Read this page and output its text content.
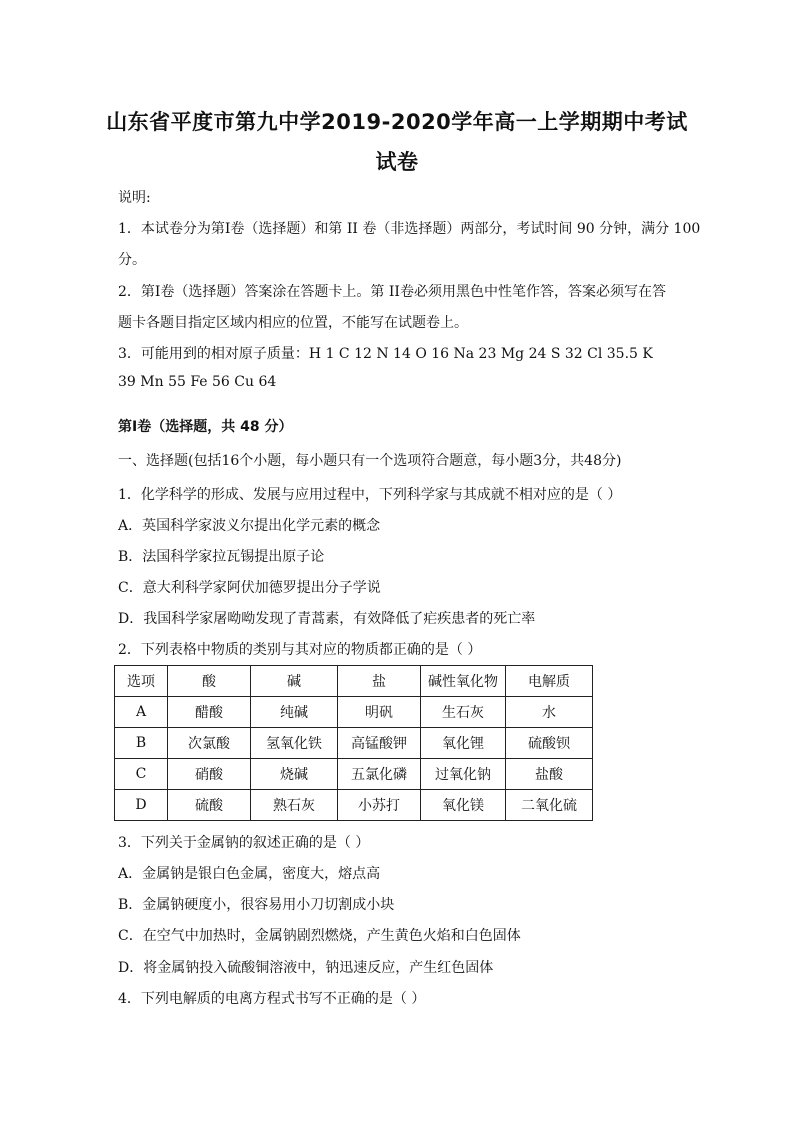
山东省平度市第九中学2019-2020学年高一上学期期中考试
试卷
说明:
1．本试卷分为第Ⅰ卷（选择题）和第 II 卷（非选择题）两部分，考试时间 90 分钟，满分 100
分。
2．第Ⅰ卷（选择题）答案涂在答题卡上。第 II卷必须用黑色中性笔作答，答案必须写在答
题卡各题目指定区域内相应的位置，不能写在试题卷上。
3．可能用到的相对原子质量：H 1 C 12 N 14 O 16 Na 23 Mg 24 S 32 Cl 35.5 K
39 Mn 55 Fe 56 Cu 64
第Ⅰ卷（选择题，共 48 分）
一、选择题(包括16个小题，每小题只有一个选项符合题意，每小题3分，共48分)
1．化学科学的形成、发展与应用过程中，下列科学家与其成就不相对应的是（ ）
A．英国科学家波义尔提出化学元素的概念
B．法国科学家拉瓦锡提出原子论
C．意大利科学家阿伏加德罗提出分子学说
D．我国科学家屠呦呦发现了青蒿素，有效降低了疟疾患者的死亡率
2．下列表格中物质的类别与其对应的物质都正确的是（ ）
选项	酸	碱	盐	碱性氧化物	电解质
A	醋酸	纯碱	明矾	生石灰	水
B	次氯酸	氢氧化铁	高锰酸钾	氧化锂	硫酸钡
C	硝酸	烧碱	五氯化磷	过氧化钠	盐酸
D	硫酸	熟石灰	小苏打	氧化镁	二氧化硫
3．下列关于金属钠的叙述正确的是（ ）
A．金属钠是银白色金属，密度大，熔点高
B．金属钠硬度小，很容易用小刀切割成小块
C．在空气中加热时，金属钠剧烈燃烧，产生黄色火焰和白色固体
D．将金属钠投入硫酸铜溶液中，钠迅速反应，产生红色固体
4．下列电解质的电离方程式书写不正确的是（ ）
